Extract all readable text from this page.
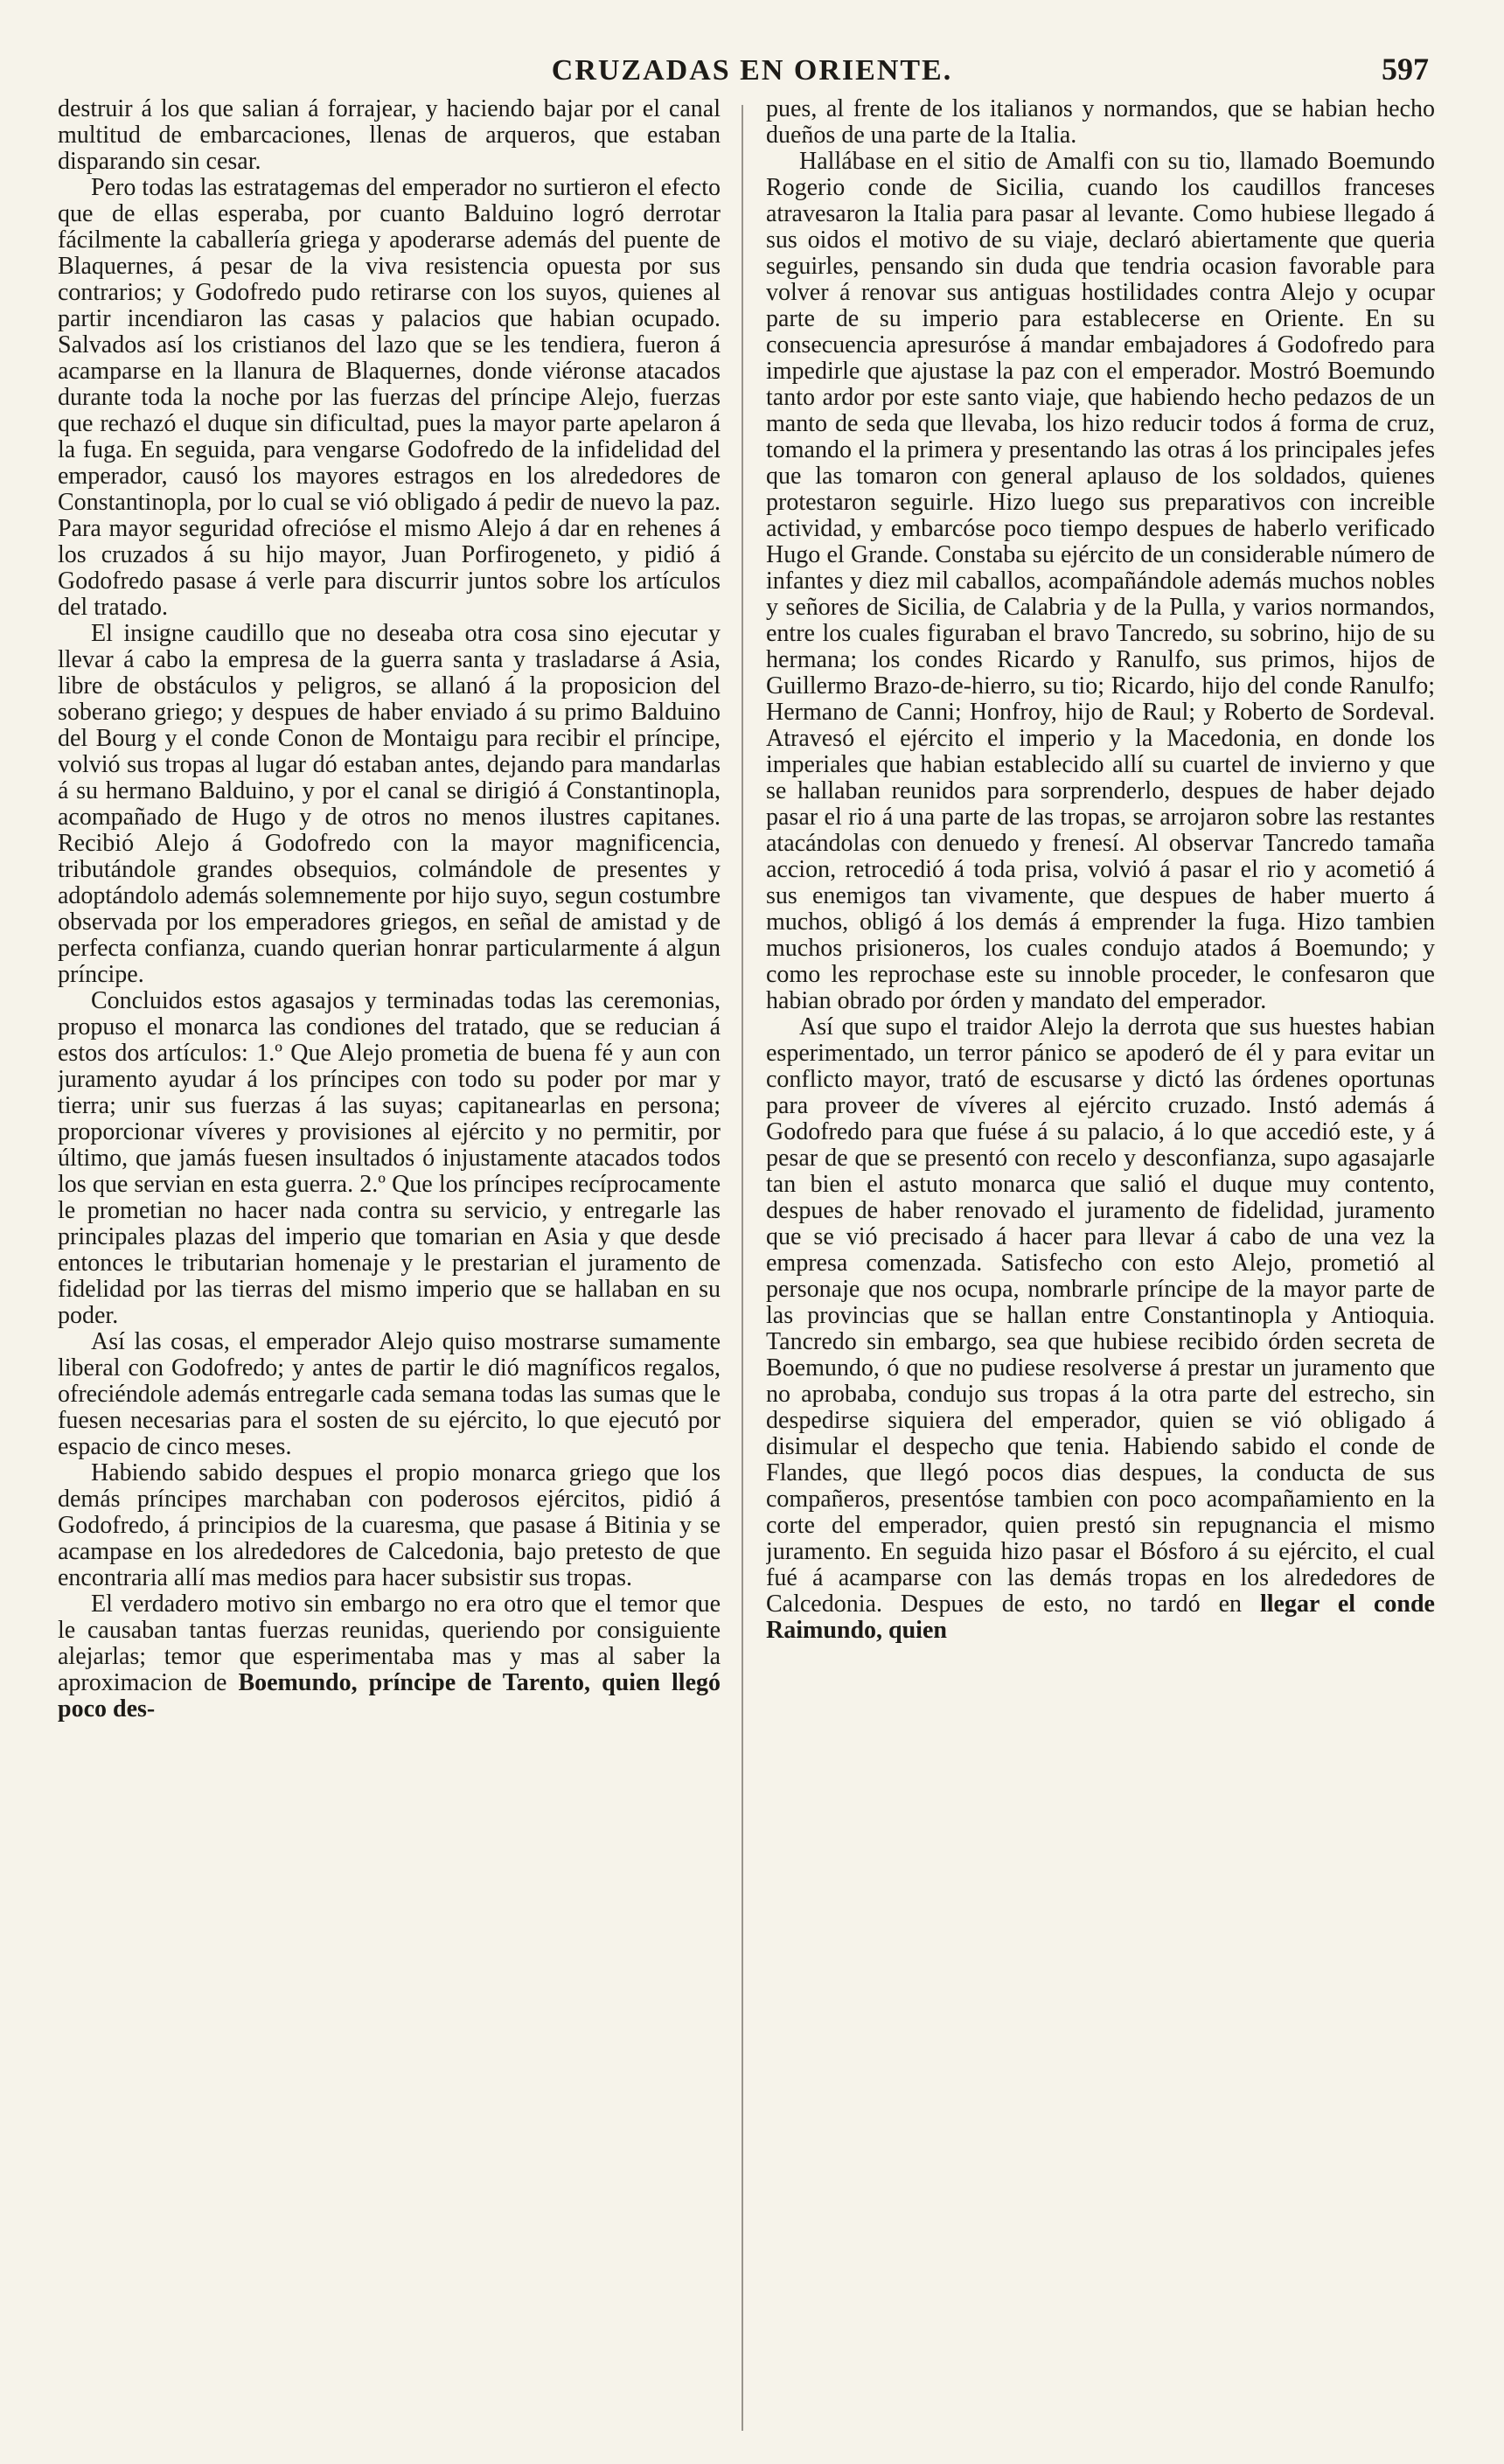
CRUZADAS EN ORIENTE.	597

destruir á los que salian á forrajear, y haciendo bajar por el canal multitud de embarcaciones, llenas de arqueros, que estaban disparando sin cesar.

Pero todas las estratagemas del emperador no surtieron el efecto que de ellas esperaba, por cuanto Balduino logró derrotar fácilmente la caballería griega y apoderarse además del puente de Blaquernes, á pesar de la viva resistencia opuesta por sus contrarios; y Godofredo pudo retirarse con los suyos, quienes al partir incendiaron las casas y palacios que habian ocupado. Salvados así los cristianos del lazo que se les tendiera, fueron á acamparse en la llanura de Blaquernes, donde viéronse atacados durante toda la noche por las fuerzas del príncipe Alejo, fuerzas que rechazó el duque sin dificultad, pues la mayor parte apelaron á la fuga. En seguida, para vengarse Godofredo de la infidelidad del emperador, causó los mayores estragos en los alrededores de Constantinopla, por lo cual se vió obligado á pedir de nuevo la paz. Para mayor seguridad ofrecióse el mismo Alejo á dar en rehenes á los cruzados á su hijo mayor, Juan Porfirogeneto, y pidió á Godofredo pasase á verle para discurrir juntos sobre los artículos del tratado.

El insigne caudillo que no deseaba otra cosa sino ejecutar y llevar á cabo la empresa de la guerra santa y trasladarse á Asia, libre de obstáculos y peligros, se allanó á la proposicion del soberano griego; y despues de haber enviado á su primo Balduino del Bourg y el conde Conon de Montaigu para recibir el príncipe, volvió sus tropas al lugar dó estaban antes, dejando para mandarlas á su hermano Balduino, y por el canal se dirigió á Constantinopla, acompañado de Hugo y de otros no menos ilustres capitanes. Recibió Alejo á Godofredo con la mayor magnificencia, tributándole grandes obsequios, colmándole de presentes y adoptándolo además solemnemente por hijo suyo, segun costumbre observada por los emperadores griegos, en señal de amistad y de perfecta confianza, cuando querian honrar particularmente á algun príncipe.

Concluidos estos agasajos y terminadas todas las ceremonias, propuso el monarca las condiones del tratado, que se reducian á estos dos artículos: 1.º Que Alejo prometia de buena fé y aun con juramento ayudar á los príncipes con todo su poder por mar y tierra; unir sus fuerzas á las suyas; capitanearlas en persona; proporcionar víveres y provisiones al ejército y no permitir, por último, que jamás fuesen insultados ó injustamente atacados todos los que servian en esta guerra. 2.º Que los príncipes recíprocamente le prometian no hacer nada contra su servicio, y entregarle las principales plazas del imperio que tomarian en Asia y que desde entonces le tributarian homenaje y le prestarian el juramento de fidelidad por las tierras del mismo imperio que se hallaban en su poder.

Así las cosas, el emperador Alejo quiso mostrarse sumamente liberal con Godofredo; y antes de partir le dió magníficos regalos, ofreciéndole además entregarle cada semana todas las sumas que le fuesen necesarias para el sosten de su ejército, lo que ejecutó por espacio de cinco meses.

Habiendo sabido despues el propio monarca griego que los demás príncipes marchaban con poderosos ejércitos, pidió á Godofredo, á principios de la cuaresma, que pasase á Bitinia y se acampase en los alrededores de Calcedonia, bajo pretesto de que encontraria allí mas medios para hacer subsistir sus tropas.

El verdadero motivo sin embargo no era otro que el temor que le causaban tantas fuerzas reunidas, queriendo por consiguiente alejarlas; temor que esperimentaba mas y mas al saber la aproximacion de Boemundo, príncipe de Tarento, quien llegó poco des-

pues, al frente de los italianos y normandos, que se habian hecho dueños de una parte de la Italia.

Hallábase en el sitio de Amalfi con su tio, llamado Boemundo Rogerio conde de Sicilia, cuando los caudillos franceses atravesaron la Italia para pasar al levante. Como hubiese llegado á sus oidos el motivo de su viaje, declaró abiertamente que queria seguirles, pensando sin duda que tendria ocasion favorable para volver á renovar sus antiguas hostilidades contra Alejo y ocupar parte de su imperio para establecerse en Oriente. En su consecuencia apresuróse á mandar embajadores á Godofredo para impedirle que ajustase la paz con el emperador. Mostró Boemundo tanto ardor por este santo viaje, que habiendo hecho pedazos de un manto de seda que llevaba, los hizo reducir todos á forma de cruz, tomando el la primera y presentando las otras á los principales jefes que las tomaron con general aplauso de los soldados, quienes protestaron seguirle. Hizo luego sus preparativos con increible actividad, y embarcóse poco tiempo despues de haberlo verificado Hugo el Grande. Constaba su ejército de un considerable número de infantes y diez mil caballos, acompañándole además muchos nobles y señores de Sicilia, de Calabria y de la Pulla, y varios normandos, entre los cuales figuraban el bravo Tancredo, su sobrino, hijo de su hermana; los condes Ricardo y Ranulfo, sus primos, hijos de Guillermo Brazo-de-hierro, su tio; Ricardo, hijo del conde Ranulfo; Hermano de Canni; Honfroy, hijo de Raul; y Roberto de Sordeval. Atravesó el ejército el imperio y la Macedonia, en donde los imperiales que habian establecido allí su cuartel de invierno y que se hallaban reunidos para sorprenderlo, despues de haber dejado pasar el rio á una parte de las tropas, se arrojaron sobre las restantes atacándolas con denuedo y frenesí. Al observar Tancredo tamaña accion, retrocedió á toda prisa, volvió á pasar el rio y acometió á sus enemigos tan vivamente, que despues de haber muerto á muchos, obligó á los demás á emprender la fuga. Hizo tambien muchos prisioneros, los cuales condujo atados á Boemundo; y como les reprochase este su innoble proceder, le confesaron que habian obrado por órden y mandato del emperador.

Así que supo el traidor Alejo la derrota que sus huestes habian esperimentado, un terror pánico se apoderó de él y para evitar un conflicto mayor, trató de escusarse y dictó las órdenes oportunas para proveer de víveres al ejército cruzado. Instó además á Godofredo para que fuése á su palacio, á lo que accedió este, y á pesar de que se presentó con recelo y desconfianza, supo agasajarle tan bien el astuto monarca que salió el duque muy contento, despues de haber renovado el juramento de fidelidad, juramento que se vió precisado á hacer para llevar á cabo de una vez la empresa comenzada. Satisfecho con esto Alejo, prometió al personaje que nos ocupa, nombrarle príncipe de la mayor parte de las provincias que se hallan entre Constantinopla y Antioquia. Tancredo sin embargo, sea que hubiese recibido órden secreta de Boemundo, ó que no pudiese resolverse á prestar un juramento que no aprobaba, condujo sus tropas á la otra parte del estrecho, sin despedirse siquiera del emperador, quien se vió obligado á disimular el despecho que tenia. Habiendo sabido el conde de Flandes, que llegó pocos dias despues, la conducta de sus compañeros, presentóse tambien con poco acompañamiento en la corte del emperador, quien prestó sin repugnancia el mismo juramento. En seguida hizo pasar el Bósforo á su ejército, el cual fué á acamparse con las demás tropas en los alrededores de Calcedonia. Despues de esto, no tardó en llegar el conde Raimundo, quien
